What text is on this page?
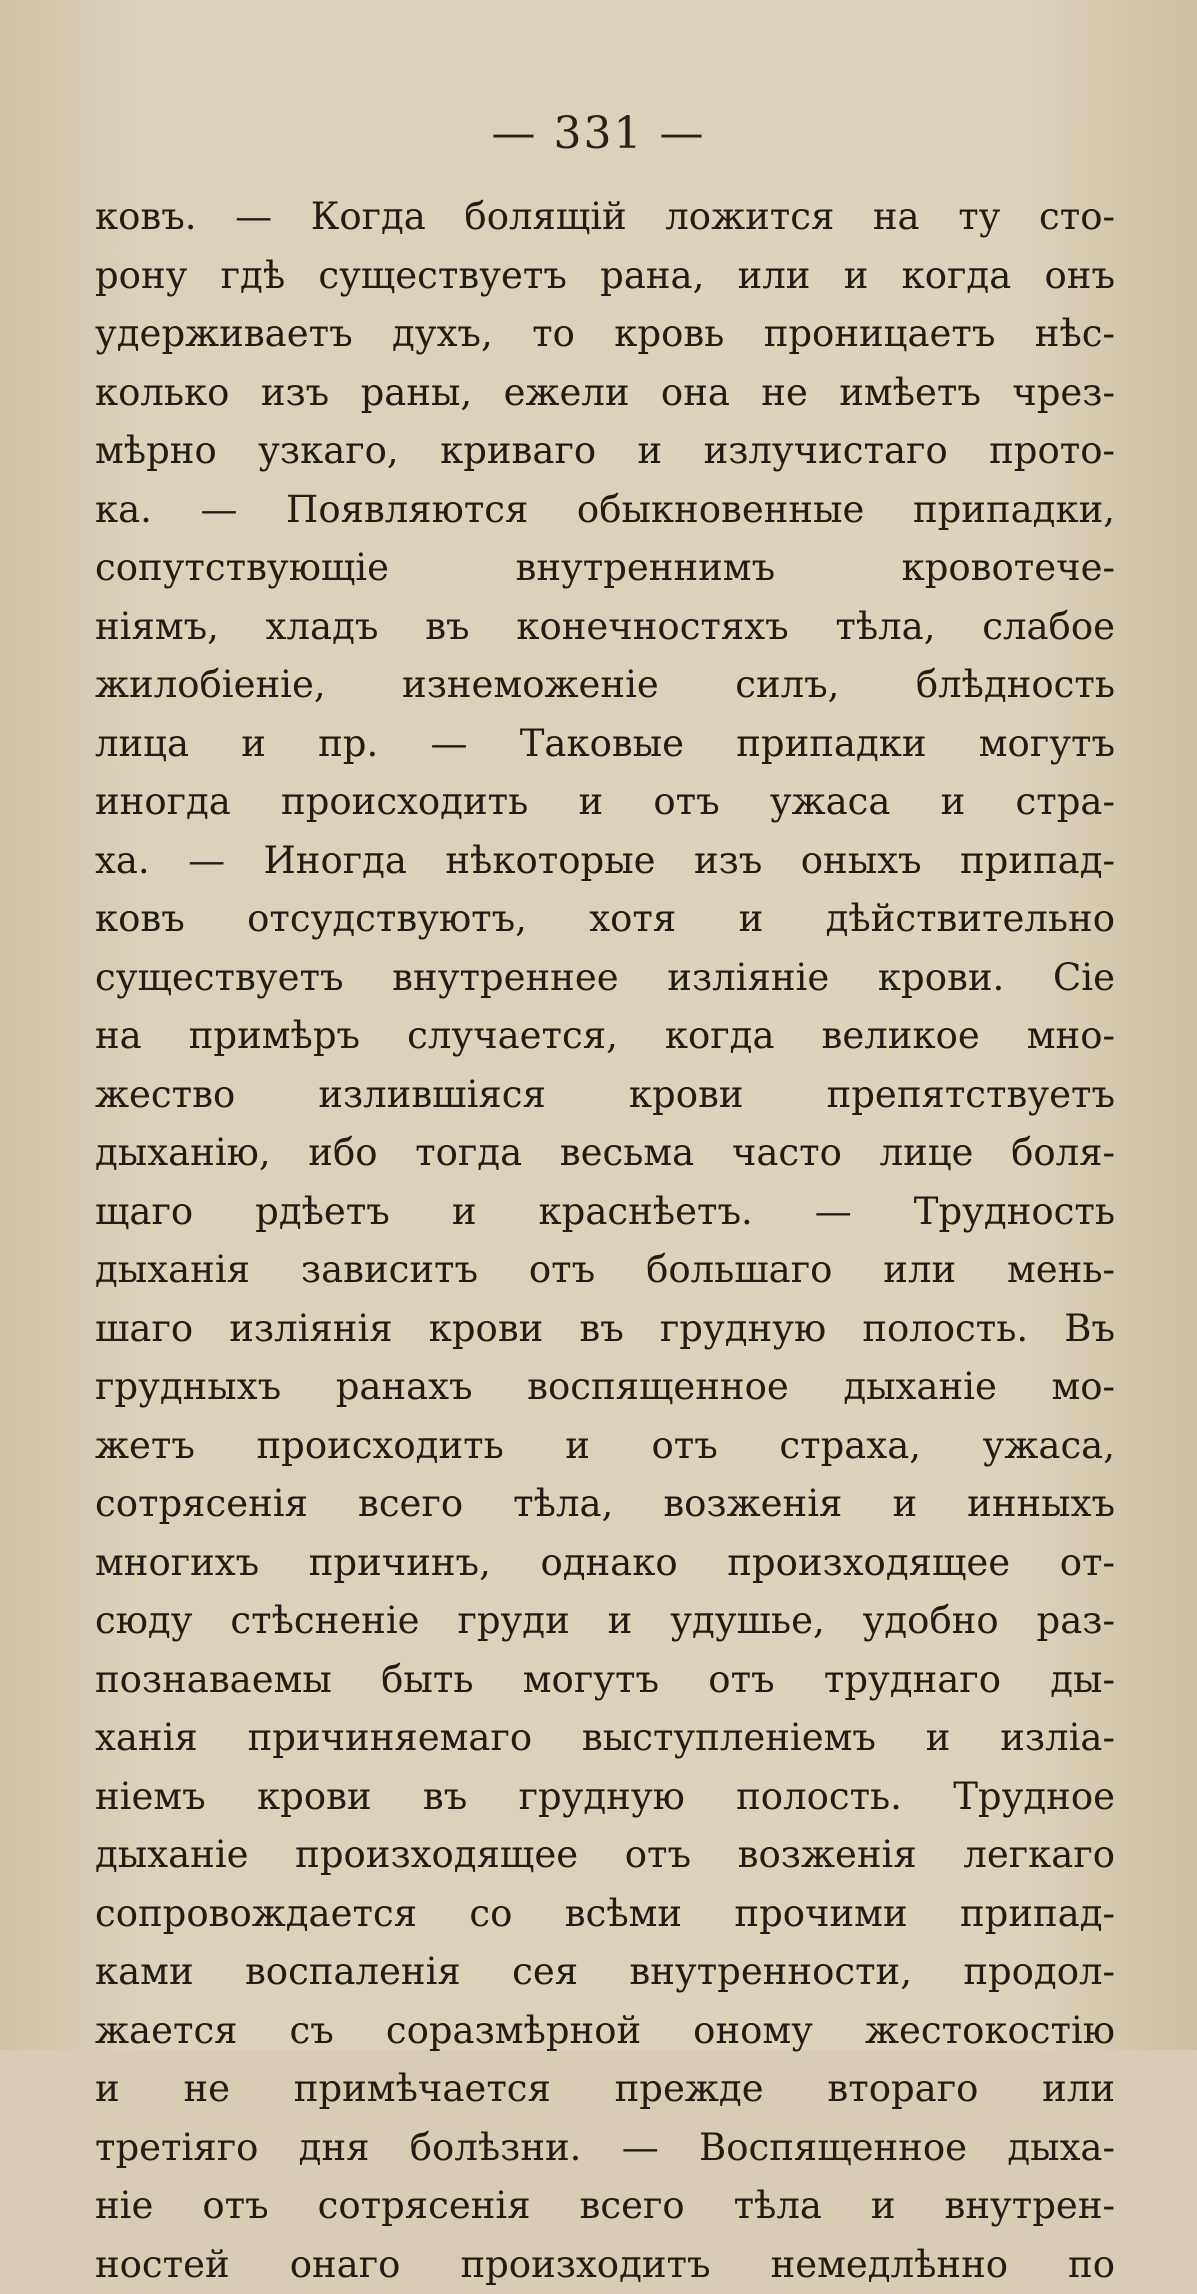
— 331 —
ковъ. — Когда болящій ложится на ту сто-
рону гдѣ существуетъ рана, или и когда онъ
удерживаетъ духъ, то кровь проницаетъ нѣс-
колько изъ раны, ежели она не имѣетъ чрез-
мѣрно узкаго, криваго и излучистаго прото-
ка. — Появляются обыкновенные припадки,
сопутствующіе внутреннимъ кровотече-
ніямъ, хладъ въ конечностяхъ тѣла, слабое
жилобіеніе, изнеможеніе силъ, блѣдность
лица и пр. — Таковые припадки могутъ
иногда происходить и отъ ужаса и стра-
ха. — Иногда нѣкоторые изъ оныхъ припад-
ковъ отсудствуютъ, хотя и дѣйствительно
существуетъ внутреннее изліяніе крови. Сіе
на примѣръ случается, когда великое мно-
жество излившіяся крови препятствуетъ
дыханію, ибо тогда весьма часто лице боля-
щаго рдѣетъ и краснѣетъ. — Трудность
дыханія зависитъ отъ большаго или мень-
шаго изліянія крови въ грудную полость. Въ
грудныхъ ранахъ воспященное дыханіе мо-
жетъ происходить и отъ страха, ужаса,
сотрясенія всего тѣла, возженія и инныхъ
многихъ причинъ, однако произходящее от-
сюду стѣсненіе груди и удушье, удобно раз-
познаваемы быть могутъ отъ труднаго ды-
ханія причиняемаго выступленіемъ и изліа-
ніемъ крови въ грудную полость. Трудное
дыханіе произходящее отъ возженія легкаго
сопровождается со всѣми прочими припад-
ками воспаленія сея внутренности, продол-
жается съ соразмѣрной оному жестокостію
и не примѣчается прежде втораго или
третіяго дня болѣзни. — Воспященное дыха-
ніе отъ сотрясенія всего тѣла и внутрен-
ностей онаго произходитъ немедлѣнно по
